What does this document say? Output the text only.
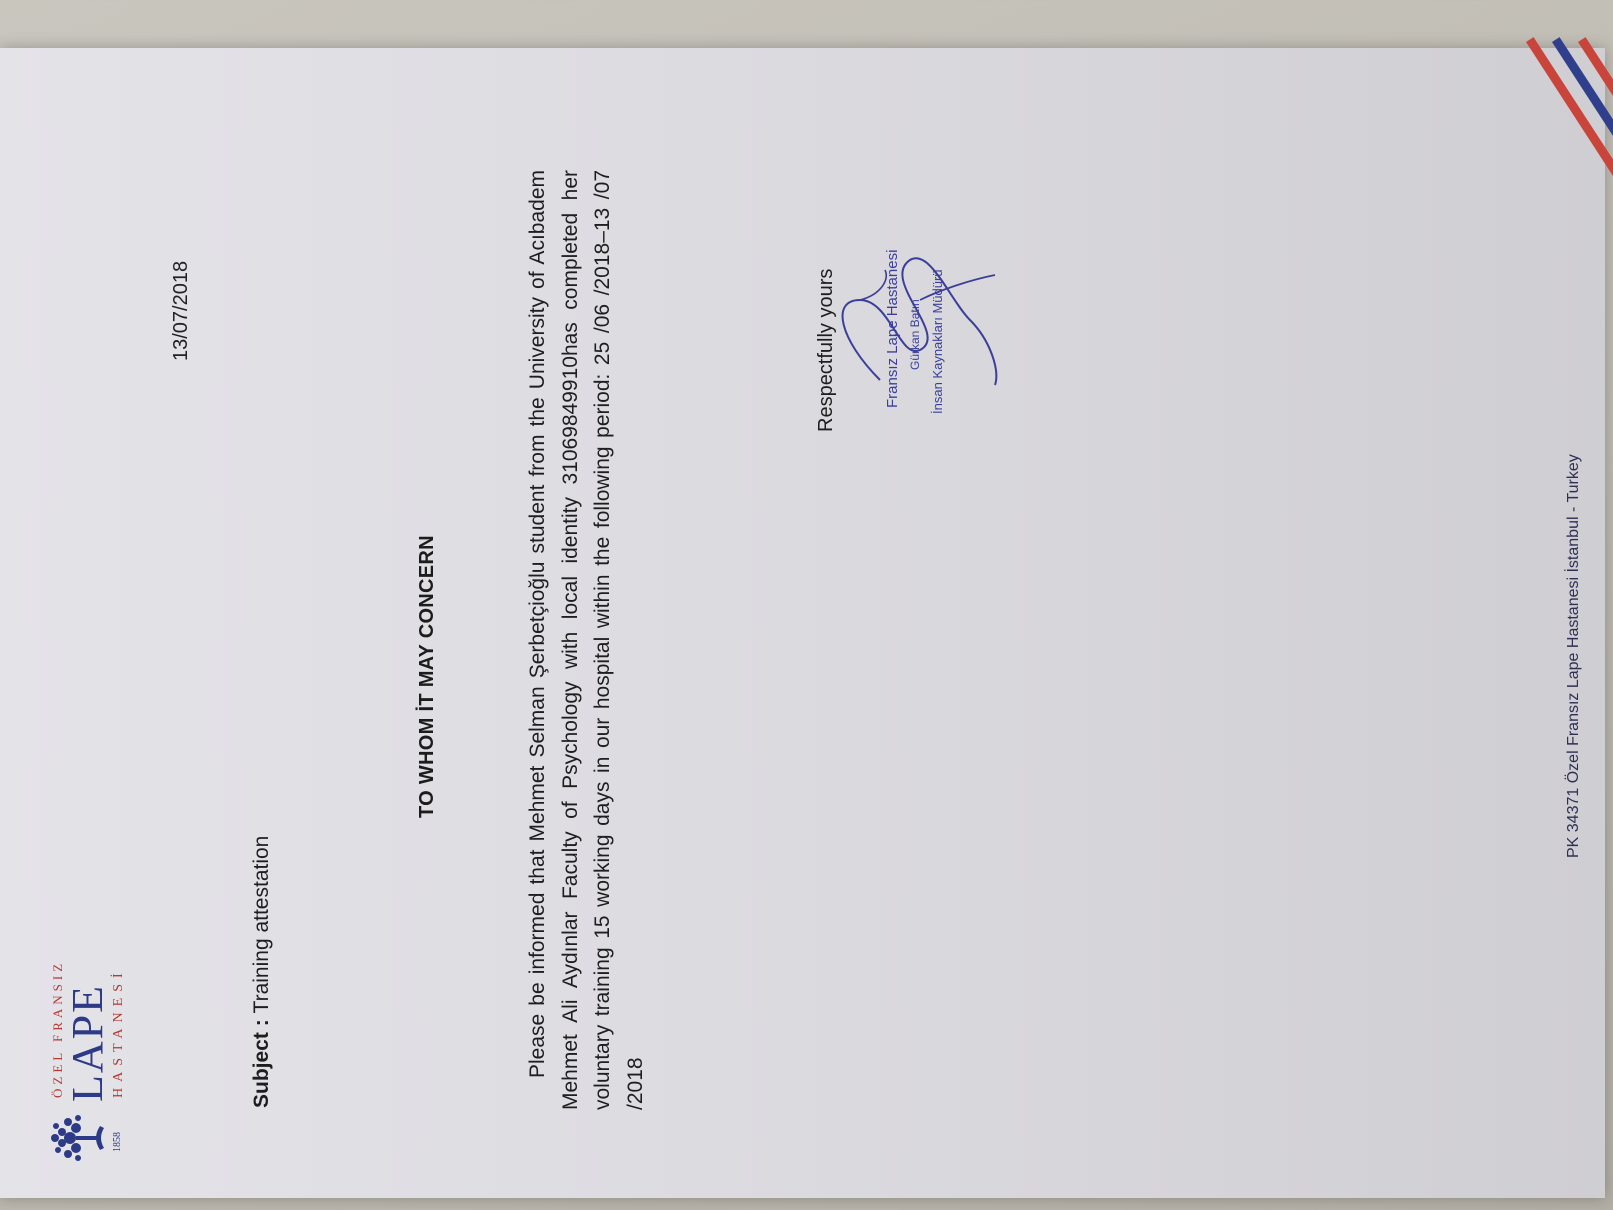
1858
ÖZEL FRANSIZ
LAPE HASTANESİ
13/07/2018
Subject : Training attestation
TO WHOM İT MAY CONCERN	Please be informed that Mehmet Selman Şerbetçioğlu student from the University of Acıbadem Mehmet Ali Aydınlar Faculty of Psychology with local identity 31069849910has completed her voluntary training 15 working days in our hospital within the following period: 25 /06 /2018–13 /07 /2018
Respectfully yours	Fransız Lape Hastanesi Gürkan Batın İnsan Kaynakları Müdürü
PK 34371 Özel Fransız Lape Hastanesi İstanbul - Turkey
